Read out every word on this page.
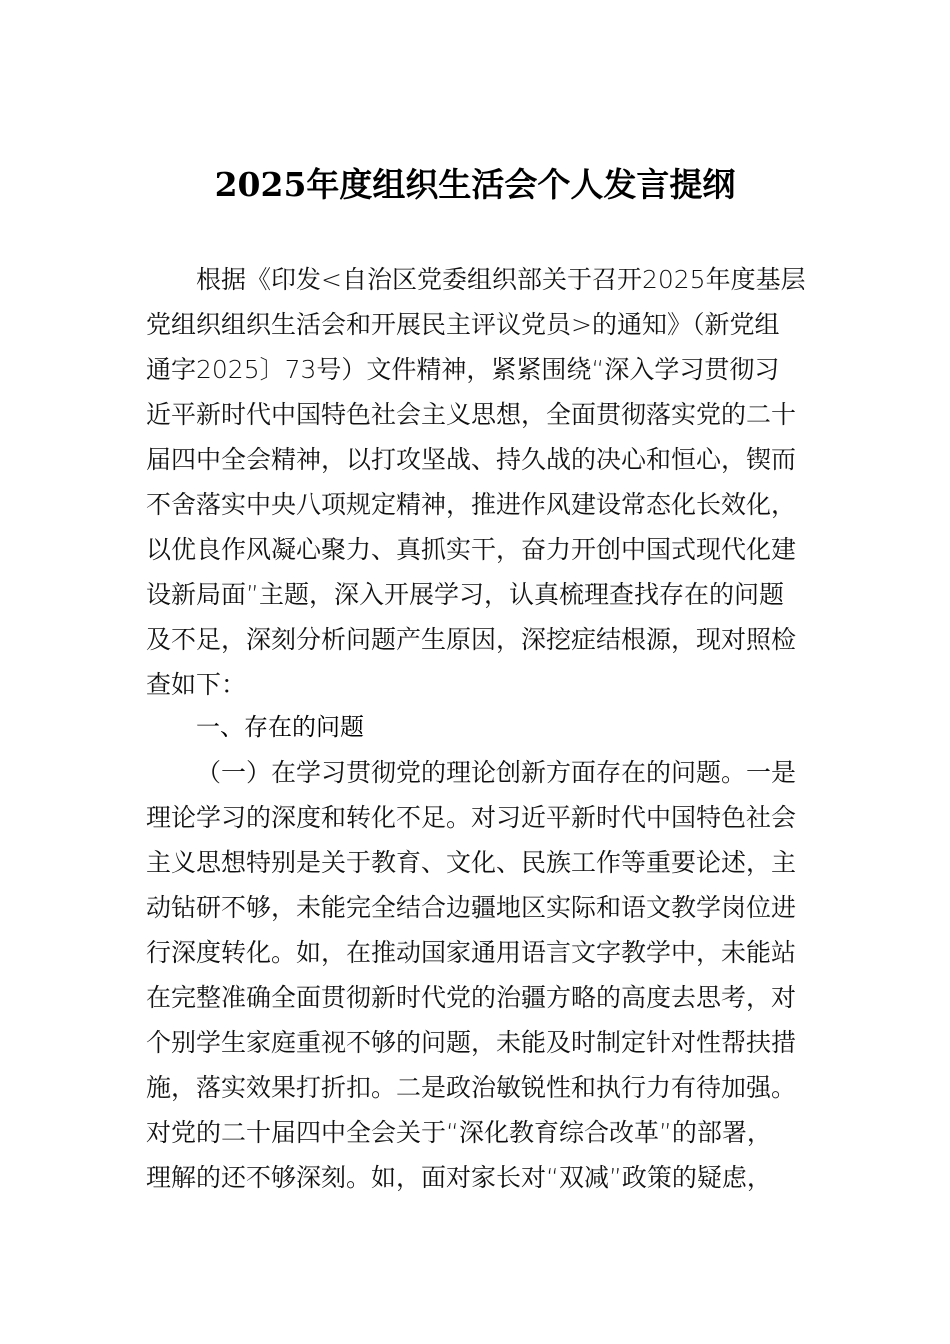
2025年度组织生活会个人发言提纲
根据《印发<自治区党委组织部关于召开2025年度基层
党组织组织生活会和开展民主评议党员>的通知》（新党组
通字2025〕73号）文件精神，紧紧围绕“深入学习贯彻习
近平新时代中国特色社会主义思想，全面贯彻落实党的二十
届四中全会精神，以打攻坚战、持久战的决心和恒心，锲而
不舍落实中央八项规定精神，推进作风建设常态化长效化，
以优良作风凝心聚力、真抓实干，奋力开创中国式现代化建
设新局面”主题，深入开展学习，认真梳理查找存在的问题
及不足，深刻分析问题产生原因，深挖症结根源，现对照检
查如下：
一、存在的问题
（一）在学习贯彻党的理论创新方面存在的问题。一是
理论学习的深度和转化不足。对习近平新时代中国特色社会
主义思想特别是关于教育、文化、民族工作等重要论述，主
动钻研不够，未能完全结合边疆地区实际和语文教学岗位进
行深度转化。如，在推动国家通用语言文字教学中，未能站
在完整准确全面贯彻新时代党的治疆方略的高度去思考，对
个别学生家庭重视不够的问题，未能及时制定针对性帮扶措
施，落实效果打折扣。二是政治敏锐性和执行力有待加强。
对党的二十届四中全会关于“深化教育综合改革”的部署，
理解的还不够深刻。如，面对家长对“双减”政策的疑虑，
